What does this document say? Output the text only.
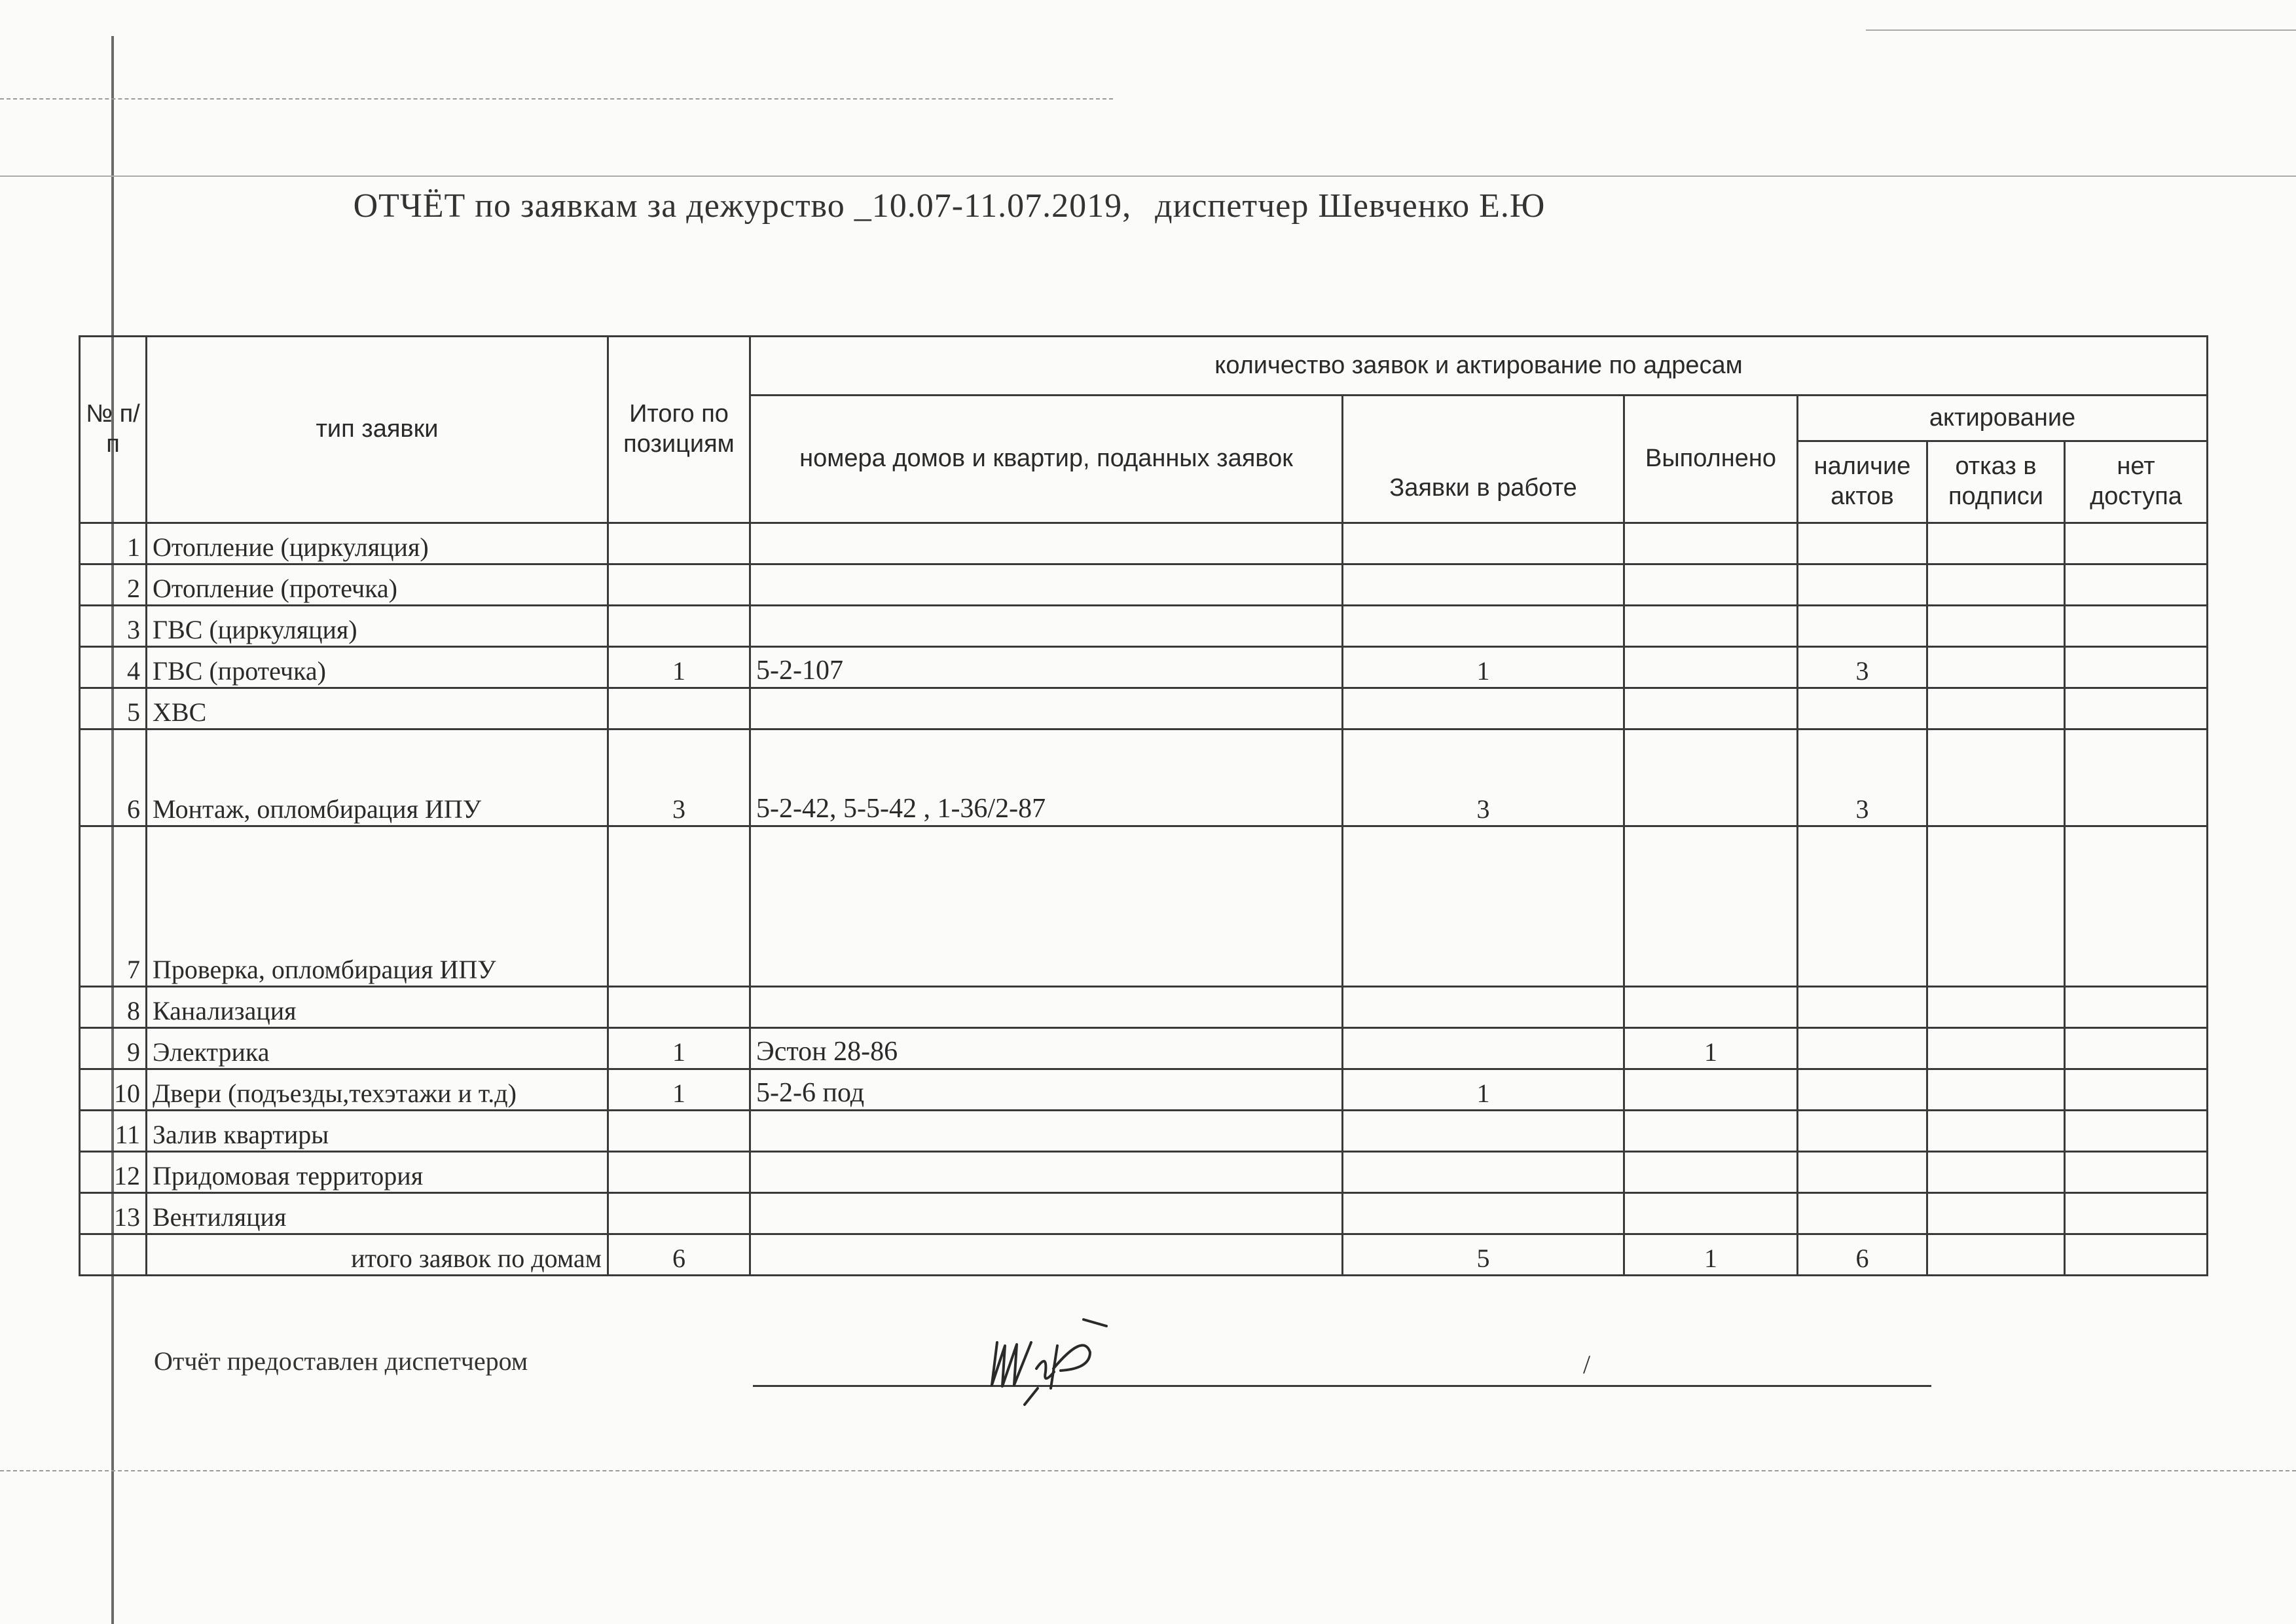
ОТЧЁТ по заявкам за дежурство _10.07-11.07.2019, диспетчер Шевченко Е.Ю
№ п/п	тип заявки	Итого по позициям	количество заявок и актирование по адресам					
			номера домов и квартир, поданных заявок	Заявки в работе	Выполнено	актирование		
						наличие актов	отказ в подписи	нет доступа
1	Отопление (циркуляция)							
2	Отопление (протечка)							
3	ГВС (циркуляция)							
4	ГВС (протечка)	1	5-2-107	1		3		
5	ХВС							
6	Монтаж, опломбирация ИПУ	3	5-2-42, 5-5-42 , 1-36/2-87	3		3		
7	Проверка, опломбирация ИПУ							
8	Канализация							
9	Электрика	1	Эстон 28-86		1			
10	Двери (подъезды,техэтажи и т.д)	1	5-2-6 под	1				
11	Залив квартиры							
12	Придомовая территория							
13	Вентиляция							
	итого заявок по домам	6		5	1	6		
Отчёт предоставлен диспетчером	/
